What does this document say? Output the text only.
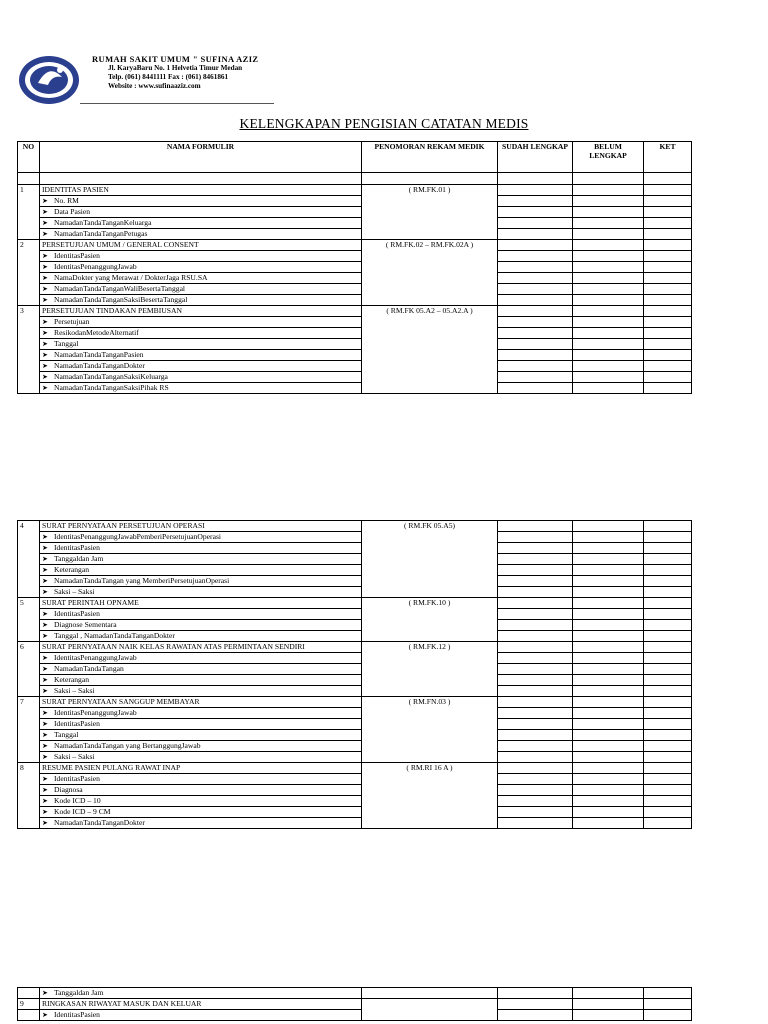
RUMAH SAKIT UMUM " SUFINA AZIZ
Jl. KaryaBaru No. 1 Helvetia Timur Medan
Telp. (061) 8441111 Fax : (061) 8461861
Website : www.sufinaaziz.com
KELENGKAPAN PENGISIAN CATATAN MEDIS
NO	NAMA FORMULIR	PENOMORAN REKAM MEDIK	SUDAH LENGKAP	BELUM LENGKAP	KET

1	IDENTITAS PASIEN	( RM.FK.01 )			
	➤ No. RM				
	➤ Data Pasien				
	➤ NamadanTandaTanganKeluarga				
	➤ NamadanTandaTanganPetugas				
2	PERSETUJUAN UMUM / GENERAL CONSENT	( RM.FK.02 – RM.FK.02A )			
	➤ IdentitasPasien				
	➤ IdentitasPenanggungJawab				
	➤ NamaDokter yang Merawat / DokterJaga RSU.SA				
	➤ NamadanTandaTanganWaliBesertaTanggal				
	➤ NamadanTandaTanganSaksiBesertaTanggal				
3	PERSETUJUAN TINDAKAN PEMBIUSAN	( RM.FK 05.A2 – 05.A2.A )			
	➤ Persetujuan				
	➤ ResikodanMetodeAlternatif				
	➤ Tanggal				
	➤ NamadanTandaTanganPasien				
	➤ NamadanTandaTanganDokter				
	➤ NamadanTandaTanganSaksiKeluarga				
	➤ NamadanTandaTanganSaksiPihak RS				
4	SURAT PERNYATAAN PERSETUJUAN OPERASI	( RM.FK 05.A5)			
	➤ IdentitasPenanggungJawabPemberiPersetujuanOperasi				
	➤ IdentitasPasien				
	➤ Tanggaldan Jam				
	➤ Keterangan				
	➤ NamadanTandaTangan yang MemberiPersetujuanOperasi				
	➤ Saksi – Saksi				
5	SURAT PERINTAH OPNAME	( RM.FK.10 )			
	➤ IdentitasPasien				
	➤ Diagnose Sementara				
	➤ Tanggal , NamadanTandaTanganDokter				
6	SURAT PERNYATAAN NAIK KELAS RAWATAN ATAS PERMINTAAN SENDIRI	( RM.FK.12 )			
	➤ IdentitasPenanggungJawab				
	➤ NamadanTandaTangan				
	➤ Keterangan				
	➤ Saksi – Saksi				
7	SURAT PERNYATAAN SANGGUP MEMBAYAR	( RM.FN.03 )			
	➤ IdentitasPenanggungJawab				
	➤ IdentitasPasien				
	➤ Tanggal				
	➤ NamadanTandaTangan yang BertanggungJawab				
	➤ Saksi – Saksi				
8	RESUME PASIEN PULANG RAWAT INAP	( RM.RI 16 A )			
	➤ IdentitasPasien				
	➤ Diagnosa				
	➤ Kode ICD – 10				
	➤ Kode ICD – 9 CM				
	➤ NamadanTandaTanganDokter				
	➤ Tanggaldan Jam				
9	RINGKASAN RIWAYAT MASUK DAN KELUAR				
	➤ IdentitasPasien				
